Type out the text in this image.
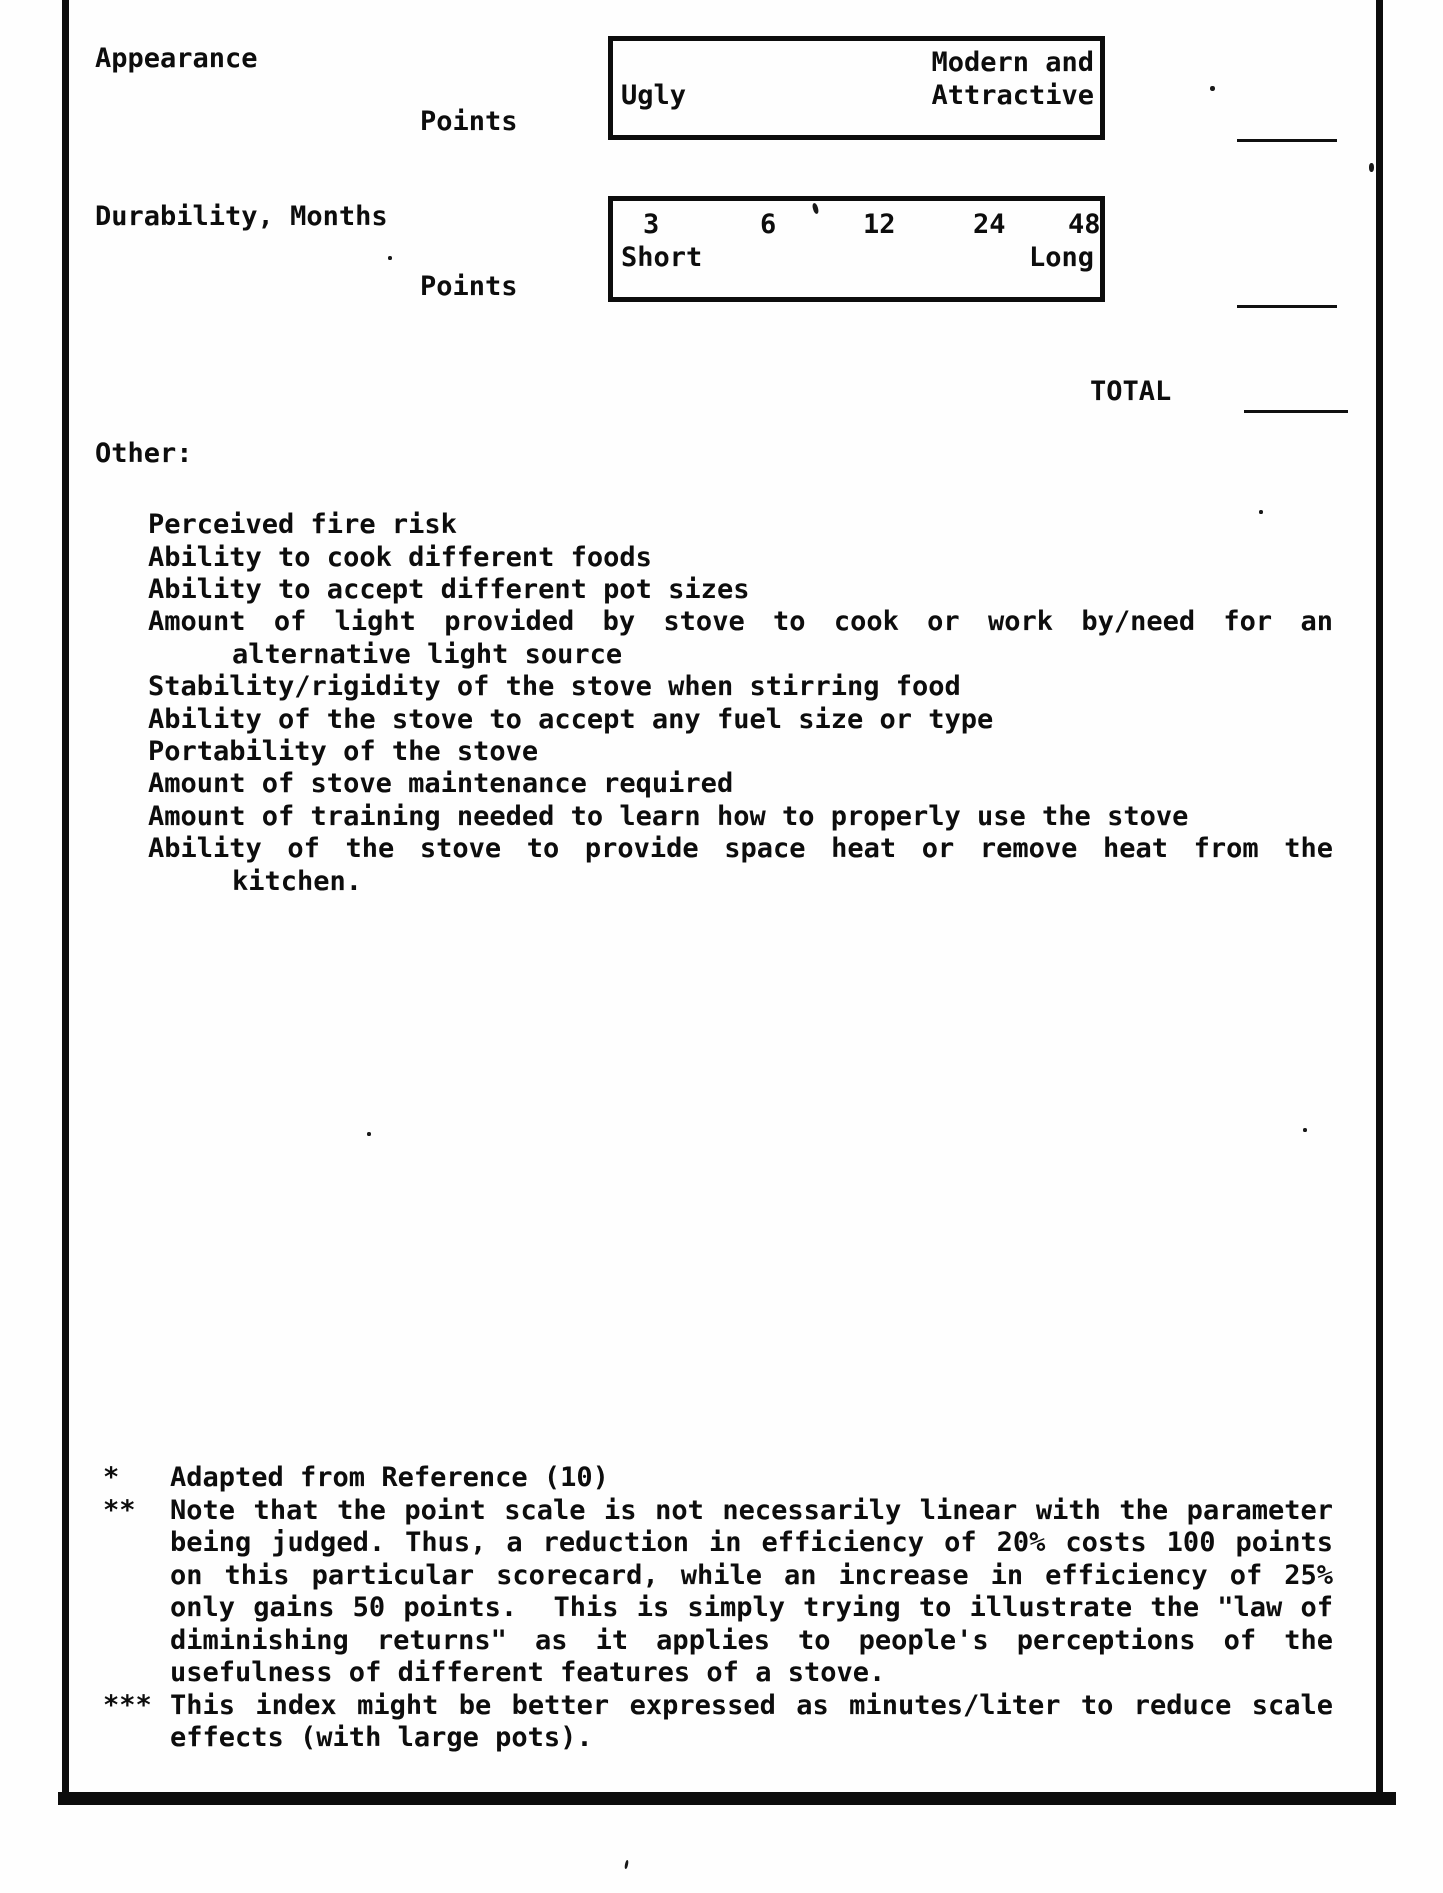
Appearance
Points
Modern and
Ugly	Attractive
Durability, Months
Points
3	6	12	24 48
Short	Long
TOTAL
Other:
Perceived fire risk
Ability to cook different foods
Ability to accept different pot sizes
Amount of light provided by stove to cook or work by/need for an
alternative light source
Stability/rigidity of the stove when stirring food
Ability of the stove to accept any fuel size or type
Portability of the stove
Amount of stove maintenance required
Amount of training needed to learn how to properly use the stove
Ability of the stove to provide space heat or remove heat from the
kitchen.
* Adapted from Reference (10)
** Note that the point scale is not necessarily linear with the parameter
being judged. Thus, a reduction in efficiency of 20% costs 100 points
on this particular scorecard, while an increase in efficiency of 25%
only gains 50 points.  This is simply trying to illustrate the "law of
diminishing returns" as it applies to people's perceptions of the
usefulness of different features of a stove.
*** This index might be better expressed as minutes/liter to reduce scale
effects (with large pots).
